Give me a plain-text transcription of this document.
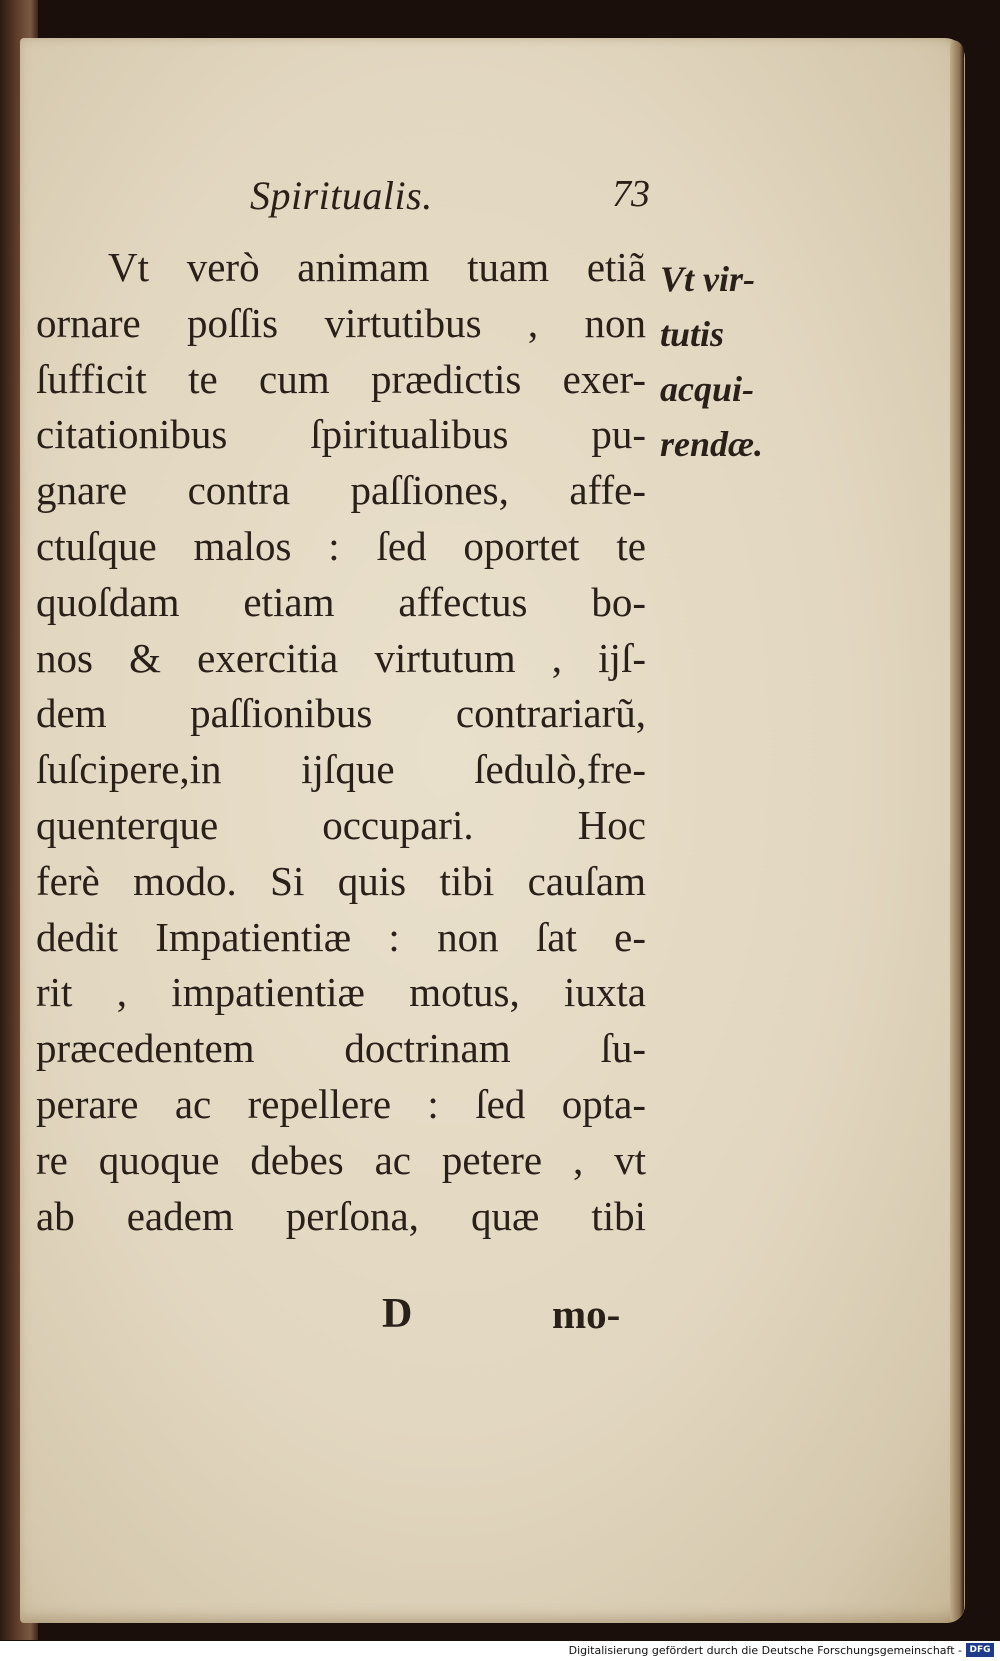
Spiritualis.	73
Vt verò animam tuam etiã
ornare poſſis virtutibus , non
ſufficit te cum prædictis exer-
citationibus ſpiritualibus pu-
gnare contra paſſiones, affe-
ctuſque malos : ſed oportet te
quoſdam etiam affectus bo-
nos & exercitia virtutum , ijſ-
dem paſſionibus contrariarũ,
ſuſcipere,in ijſque ſedulò,fre-
quenterque occupari. Hoc
ferè modo. Si quis tibi cauſam
dedit Impatientiæ : non ſat e-
rit , impatientiæ motus, iuxta
præcedentem doctrinam ſu-
perare ac repellere : ſed opta-
re quoque debes ac petere , vt
ab eadem perſona, quæ tibi
Vt vir-
tutis
acqui-
rendæ.
D	mo-
Digitalisierung gefördert durch die Deutsche Forschungsgemeinschaft - DFG
